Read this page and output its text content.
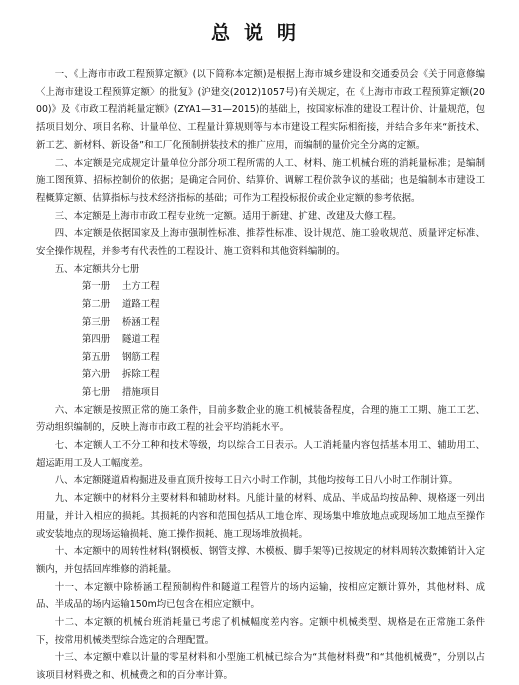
总说明

一、《上海市市政工程预算定额》(以下简称本定额)是根据上海市城乡建设和交通委员会《关于同意修编〈上海市建设工程预算定额〉的批复》(沪建交(2012)1057号)有关规定，在《上海市市政工程预算定额(2000)》及《市政工程消耗量定额》(ZYA1—31—2015)的基础上，按国家标准的建设工程计价、计量规范，包括项目划分、项目名称、计量单位、工程量计算规则等与本市建设工程实际相衔接，并结合多年来“新技术、新工艺、新材料、新设备”和工厂化预制拼装技术的推广应用，而编制的量价完全分离的定额。

二、本定额是完成规定计量单位分部分项工程所需的人工、材料、施工机械台班的消耗量标准；是编制施工图预算、招标控制价的依据；是确定合同价、结算价、调解工程价款争议的基础；也是编制本市建设工程概算定额、估算指标与技术经济指标的基础；可作为工程投标报价或企业定额的参考依据。

三、本定额是上海市市政工程专业统一定额。适用于新建、扩建、改建及大修工程。

四、本定额是依据国家及上海市强制性标准、推荐性标准、设计规范、施工验收规范、质量评定标准、安全操作规程，并参考有代表性的工程设计、施工资料和其他资料编制的。

五、本定额共分七册

第一册 土方工程
第二册 道路工程
第三册 桥涵工程
第四册 隧道工程
第五册 钢筋工程
第六册 拆除工程
第七册 措施项目

六、本定额是按照正常的施工条件，目前多数企业的施工机械装备程度，合理的施工工期、施工工艺、劳动组织编制的，反映上海市市政工程的社会平均消耗水平。

七、本定额人工不分工种和技术等级，均以综合工日表示。人工消耗量内容包括基本用工、辅助用工、超运距用工及人工幅度差。

八、本定额隧道盾构掘进及垂直顶升按每工日六小时工作制，其他均按每工日八小时工作制计算。

九、本定额中的材料分主要材料和辅助材料。凡能计量的材料、成品、半成品均按品种、规格逐一列出用量，并计入相应的损耗。其损耗的内容和范围包括从工地仓库、现场集中堆放地点或现场加工地点至操作或安装地点的现场运输损耗、施工操作损耗、施工现场堆放损耗。

十、本定额中的周转性材料(钢模板、钢管支撑、木模板、脚手架等)已按规定的材料周转次数摊销计入定额内，并包括回库维修的消耗量。

十一、本定额中除桥涵工程预制构件和隧道工程管片的场内运输，按相应定额计算外，其他材料、成品、半成品的场内运输150m均已包含在相应定额中。

十二、本定额的机械台班消耗量已考虑了机械幅度差内容。定额中机械类型、规格是在正常施工条件下，按常用机械类型综合选定的合理配置。

十三、本定额中难以计量的零星材料和小型施工机械已综合为“其他材料费”和“其他机械费”，分别以占该项目材料费之和、机械费之和的百分率计算。
